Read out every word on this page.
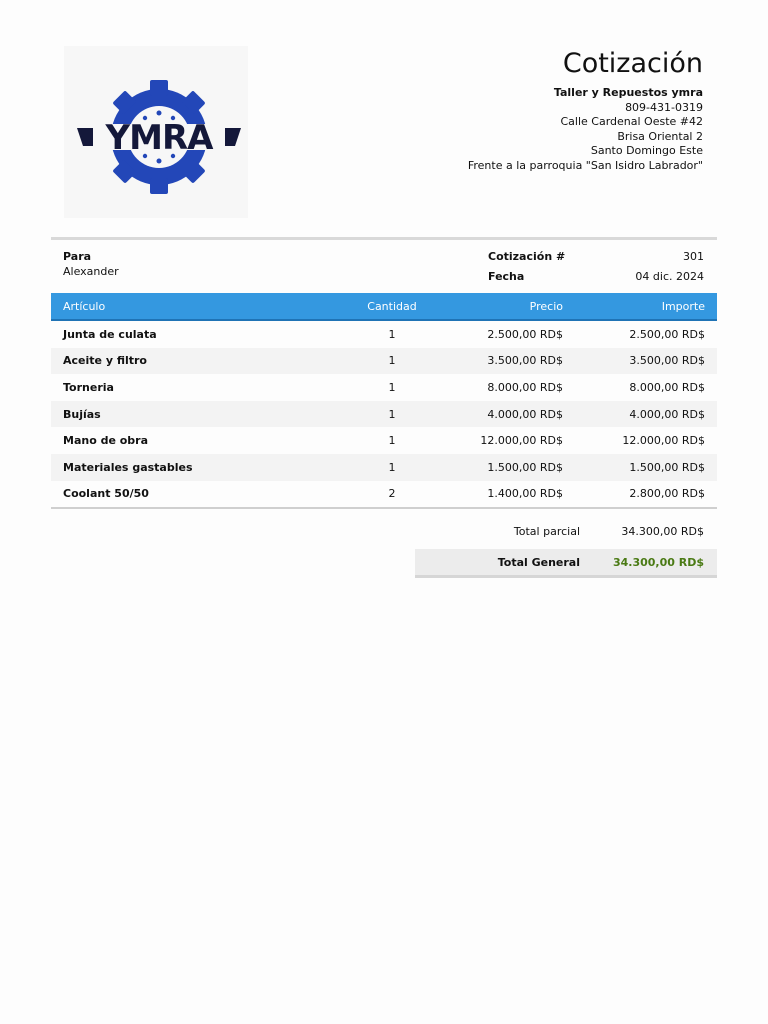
YMRA
Cotización
Taller y Repuestos ymra
809-431-0319
Calle Cardenal Oeste #42
Brisa Oriental 2
Santo Domingo Este
Frente a la parroquia "San Isidro Labrador"
Para
Alexander
Cotización #	301
Fecha	04 dic. 2024
Artículo	Cantidad	Precio	Importe
Junta de culata	1	2.500,00 RD$	2.500,00 RD$
Aceite y filtro	1	3.500,00 RD$	3.500,00 RD$
Torneria	1	8.000,00 RD$	8.000,00 RD$
Bujías	1	4.000,00 RD$	4.000,00 RD$
Mano de obra	1	12.000,00 RD$	12.000,00 RD$
Materiales gastables	1	1.500,00 RD$	1.500,00 RD$
Coolant 50/50	2	1.400,00 RD$	2.800,00 RD$
Total parcial	34.300,00 RD$
Total General	34.300,00 RD$
